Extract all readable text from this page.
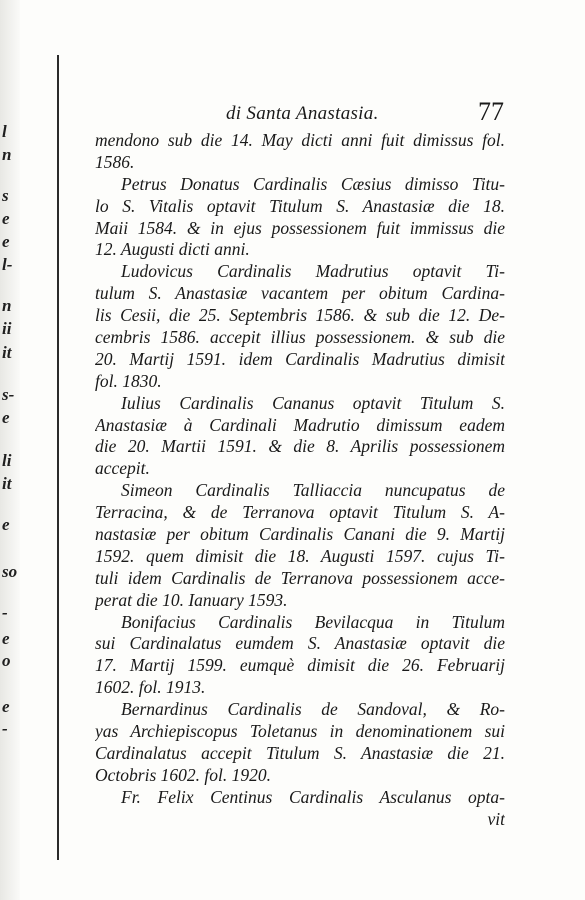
l
n
s
e
e
l-
n
ii
it
s-
e
li
it
e
so
-
e
o
e
-
di Santa Anastasia.	77
mendono sub die 14. May dicti anni fuit dimissus fol.
1586.
Petrus Donatus Cardinalis Cæsius dimisso Titu-
lo S. Vitalis optavit Titulum S. Anastasiæ die 18.
Maii 1584. & in ejus possessionem fuit immissus die
12. Augusti dicti anni.
Ludovicus Cardinalis Madrutius optavit Ti-
tulum S. Anastasiæ vacantem per obitum Cardina-
lis Cesii, die 25. Septembris 1586. & sub die 12. De-
cembris 1586. accepit illius possessionem. & sub die
20. Martij 1591. idem Cardinalis Madrutius dimisit
fol. 1830.
Iulius Cardinalis Cananus optavit Titulum S.
Anastasiæ à Cardinali Madrutio dimissum eadem
die 20. Martii 1591. & die 8. Aprilis possessionem
accepit.
Simeon Cardinalis Talliaccia nuncupatus de
Terracina, & de Terranova optavit Titulum S. A-
nastasiæ per obitum Cardinalis Canani die 9. Martij
1592. quem dimisit die 18. Augusti 1597. cujus Ti-
tuli idem Cardinalis de Terranova possessionem acce-
perat die 10. Ianuary 1593.
Bonifacius Cardinalis Bevilacqua in Titulum
sui Cardinalatus eumdem S. Anastasiæ optavit die
17. Martij 1599. eumquè dimisit die 26. Februarij
1602. fol. 1913.
Bernardinus Cardinalis de Sandoval, & Ro-
yas Archiepiscopus Toletanus in denominationem sui
Cardinalatus accepit Titulum S. Anastasiæ die 21.
Octobris 1602. fol. 1920.
Fr. Felix Centinus Cardinalis Asculanus opta-
vit
